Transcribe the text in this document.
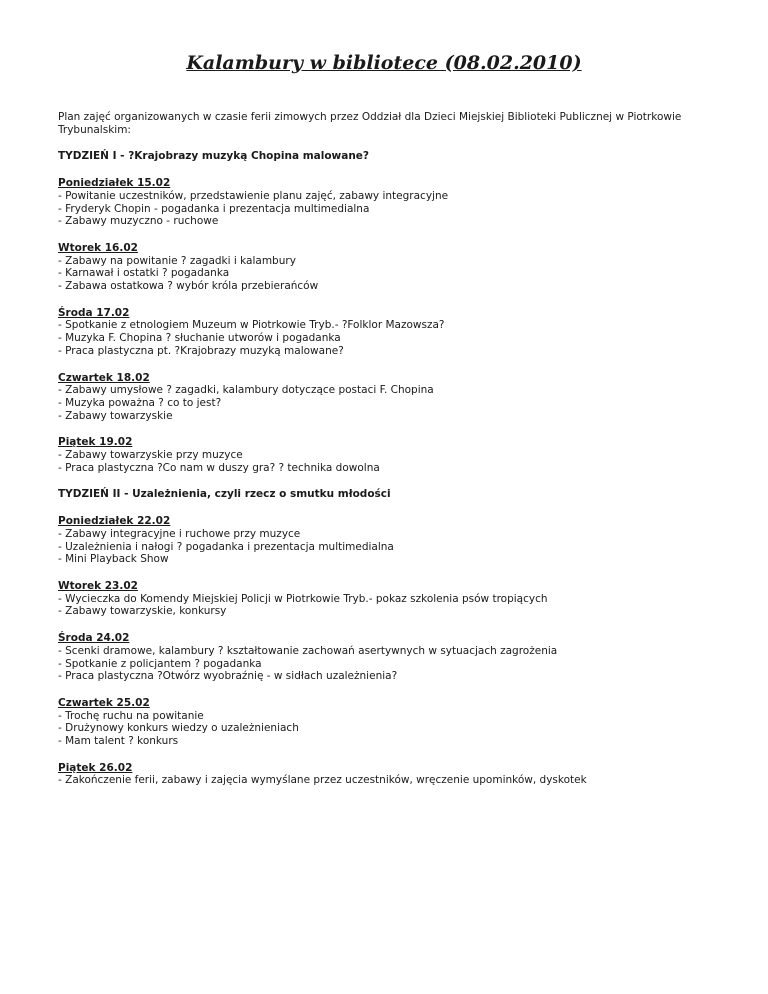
Kalambury w bibliotece (08.02.2010)

Plan zajęć organizowanych w czasie ferii zimowych przez Oddział dla Dzieci Miejskiej Biblioteki Publicznej w Piotrkowie Trybunalskim:

TYDZIEŃ I - ?Krajobrazy muzyką Chopina malowane?

Poniedziałek 15.02
- Powitanie uczestników, przedstawienie planu zajęć, zabawy integracyjne
- Fryderyk Chopin - pogadanka i prezentacja multimedialna
- Zabawy muzyczno - ruchowe
Wtorek 16.02
- Zabawy na powitanie ? zagadki i kalambury
- Karnawał i ostatki ? pogadanka
- Zabawa ostatkowa ? wybór króla przebierańców
Środa 17.02
- Spotkanie z etnologiem Muzeum w Piotrkowie Tryb.- ?Folklor Mazowsza?
- Muzyka F. Chopina ? słuchanie utworów i pogadanka
- Praca plastyczna pt. ?Krajobrazy muzyką malowane?
Czwartek 18.02
- Zabawy umysłowe ? zagadki, kalambury dotyczące postaci F. Chopina
- Muzyka poważna ? co to jest?
- Zabawy towarzyskie
Piątek 19.02
- Zabawy towarzyskie przy muzyce
- Praca plastyczna ?Co nam w duszy gra? ? technika dowolna

TYDZIEŃ II - Uzależnienia, czyli rzecz o smutku młodości

Poniedziałek 22.02
- Zabawy integracyjne i ruchowe przy muzyce
- Uzależnienia i nałogi ? pogadanka i prezentacja multimedialna
- Mini Playback Show
Wtorek 23.02
- Wycieczka do Komendy Miejskiej Policji w Piotrkowie Tryb.- pokaz szkolenia psów tropiących
- Zabawy towarzyskie, konkursy
Środa 24.02
- Scenki dramowe, kalambury ? kształtowanie zachowań asertywnych w sytuacjach zagrożenia
- Spotkanie z policjantem ? pogadanka
- Praca plastyczna ?Otwórz wyobraźnię - w sidłach uzależnienia?
Czwartek 25.02
- Trochę ruchu na powitanie
- Drużynowy konkurs wiedzy o uzależnieniach
- Mam talent ? konkurs
Piątek 26.02
- Zakończenie ferii, zabawy i zajęcia wymyślane przez uczestników, wręczenie upominków, dyskotek
